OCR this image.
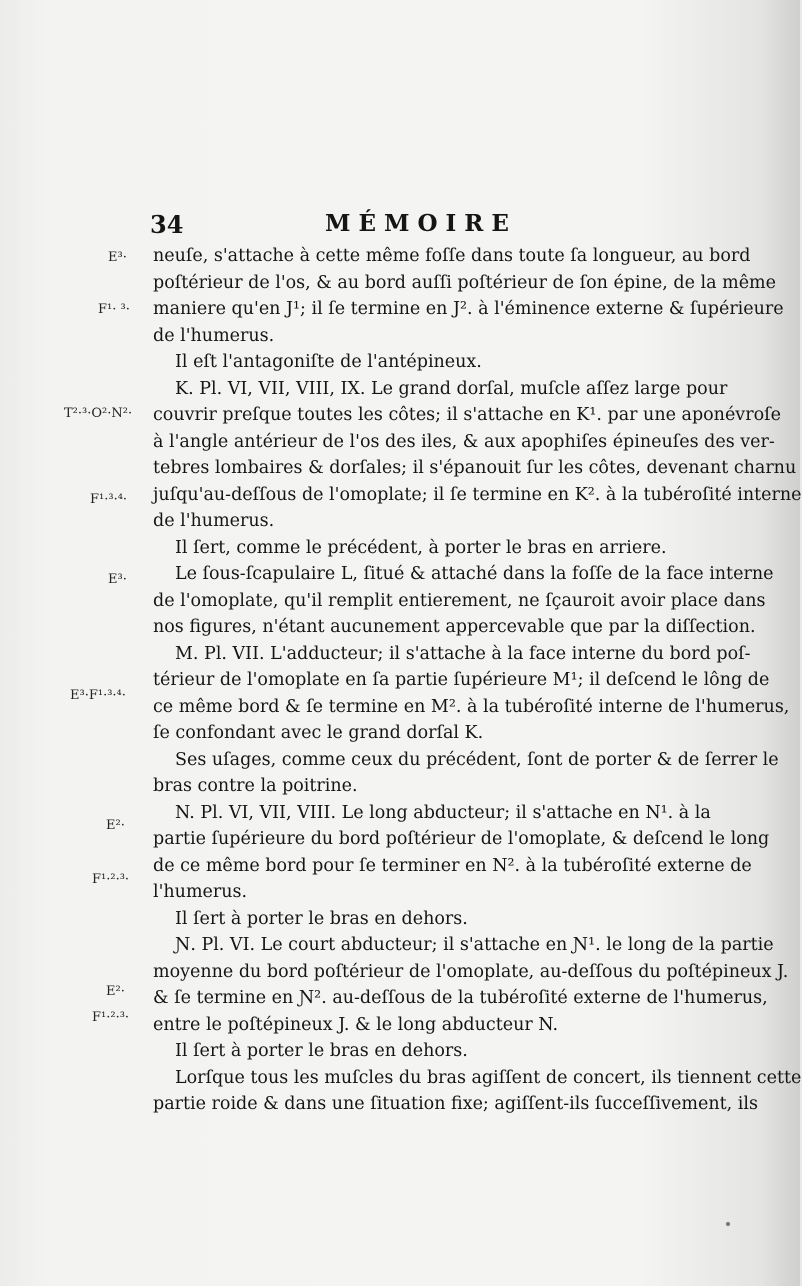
34	MÉMOIRE
E³·
F¹· ³·
T²·³·O²·N²·
F¹·³·⁴·
E³·
E³·F¹·³·⁴·
E²·
F¹·²·³·
E²·
F¹·²·³·
neuſe, s'attache à cette même foſſe dans toute ſa longueur, au bord
poſtérieur de l'os, & au bord auſſi poſtérieur de ſon épine, de la même
maniere qu'en J¹; il ſe termine en J². à l'éminence externe & ſupérieure
de l'humerus.
Il eſt l'antagoniſte de l'antépineux.
K. Pl. VI, VII, VIII, IX. Le grand dorſal, muſcle aſſez large pour
couvrir preſque toutes les côtes; il s'attache en K¹. par une aponévroſe
à l'angle antérieur de l'os des iles, & aux apophiſes épineuſes des ver-
tebres lombaires & dorſales; il s'épanouit ſur les côtes, devenant charnu
juſqu'au-deſſous de l'omoplate; il ſe termine en K². à la tubéroſité interne
de l'humerus.
Il ſert, comme le précédent, à porter le bras en arriere.
Le ſous-ſcapulaire L, ſitué & attaché dans la foſſe de la face interne
de l'omoplate, qu'il remplit entierement, ne ſçauroit avoir place dans
nos figures, n'étant aucunement appercevable que par la diſſection.
M. Pl. VII. L'adducteur; il s'attache à la face interne du bord poſ-
térieur de l'omoplate en ſa partie ſupérieure M¹; il deſcend le lông de
ce même bord & ſe termine en M². à la tubéroſité interne de l'humerus,
ſe confondant avec le grand dorſal K.
Ses uſages, comme ceux du précédent, ſont de porter & de ſerrer le
bras contre la poitrine.
N. Pl. VI, VII, VIII. Le long abducteur; il s'attache en N¹. à la
partie ſupérieure du bord poſtérieur de l'omoplate, & deſcend le long
de ce même bord pour ſe terminer en N². à la tubéroſité externe de
l'humerus.
Il ſert à porter le bras en dehors.
Ɲ. Pl. VI. Le court abducteur; il s'attache en Ɲ¹. le long de la partie
moyenne du bord poſtérieur de l'omoplate, au-deſſous du poſtépineux J.
& ſe termine en Ɲ². au-deſſous de la tubéroſité externe de l'humerus,
entre le poſtépineux J. & le long abducteur N.
Il ſert à porter le bras en dehors.
Lorſque tous les muſcles du bras agiſſent de concert, ils tiennent cette
partie roide & dans une ſituation fixe; agiſſent-ils ſucceſſivement, ils
